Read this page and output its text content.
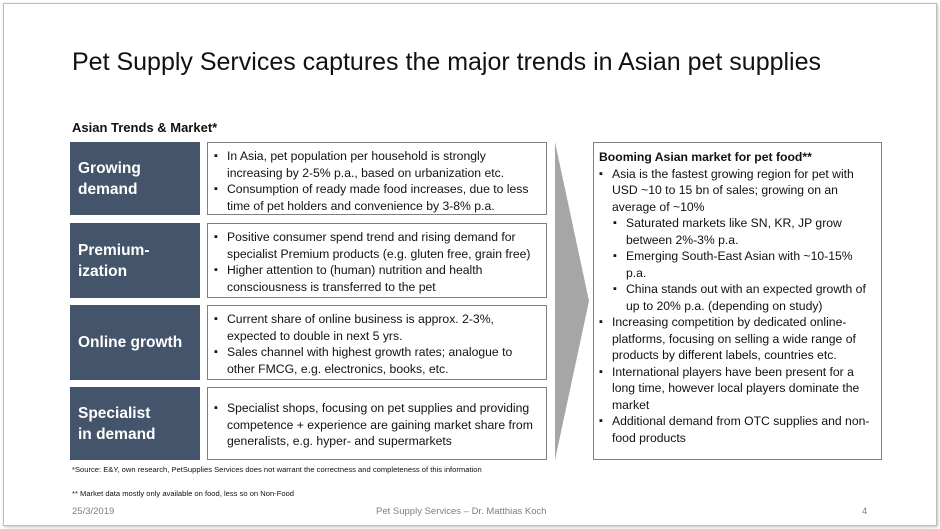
Pet Supply Services captures the major trends in Asian pet supplies
Asian Trends & Market*
Growing
demand
▪ In Asia, pet population per household is strongly increasing by 2-5% p.a., based on urbanization etc.
▪ Consumption of ready made food increases, due to less time of pet holders and convenience by 3-8% p.a.
Premium-
ization
▪ Positive consumer spend trend and rising demand for specialist Premium products (e.g. gluten free, grain free)
▪ Higher attention to (human) nutrition and health consciousness is transferred to the pet
Online growth
▪ Current share of online business is approx. 2-3%, expected to double in next 5 yrs.
▪ Sales channel with highest growth rates; analogue to other FMCG, e.g. electronics, books, etc.
Specialist
in demand
▪ Specialist shops, focusing on pet supplies and providing competence + experience are gaining market share from generalists, e.g. hyper- and supermarkets
Booming Asian market for pet food**
▪ Asia is the fastest growing region for pet with USD ~10 to 15 bn of sales; growing on an average of ~10%
▪ Saturated markets like SN, KR, JP grow between 2%-3% p.a.
▪ Emerging South-East Asian with ~10-15% p.a.
▪ China stands out with an expected growth of up to 20% p.a. (depending on study)
▪ Increasing competition by dedicated online-platforms, focusing on selling a wide range of products by different labels, countries etc.
▪ International players have been present for a long time, however local players dominate the market
▪ Additional demand from OTC supplies and non-food products
*Source: E&Y, own research, PetSupplies Services does not warrant the correctness and completeness of this information
** Market data mostly only available on food, less so on Non-Food
25/3/2019	Pet Supply Services – Dr. Matthias Koch	4
